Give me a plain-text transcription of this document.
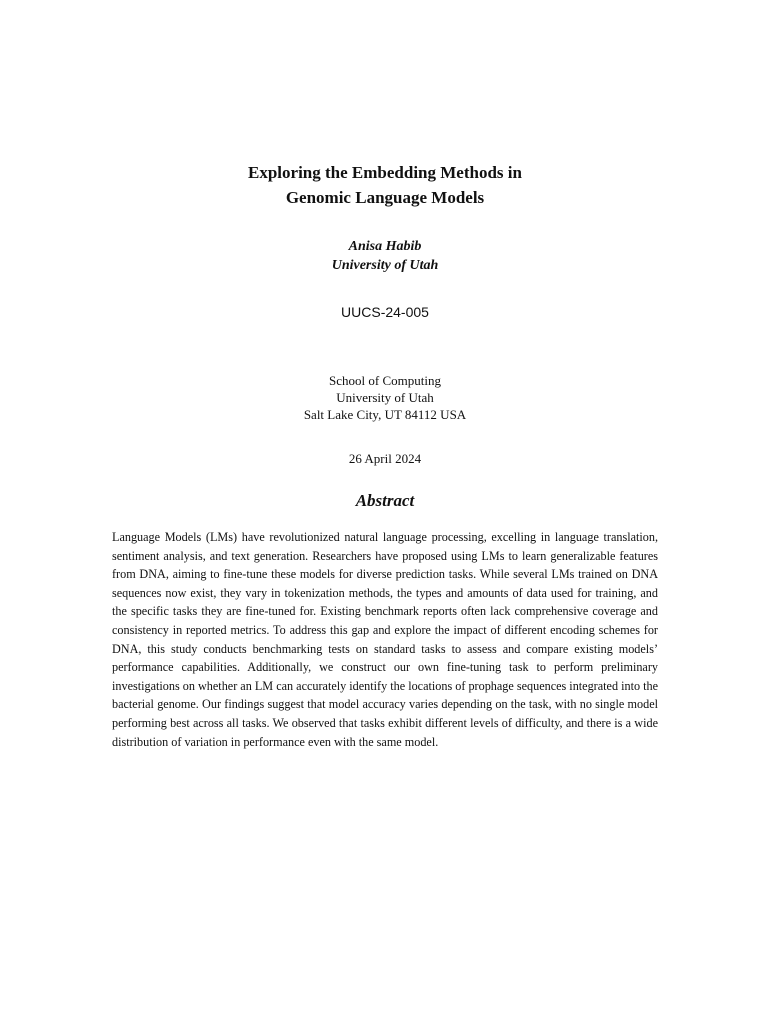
Exploring the Embedding Methods in
Genomic Language Models
Anisa Habib
University of Utah
UUCS-24-005
School of Computing
University of Utah
Salt Lake City, UT 84112 USA
26 April 2024
Abstract
Language Models (LMs) have revolutionized natural language processing, excelling in language translation, sentiment analysis, and text generation. Researchers have proposed using LMs to learn generalizable features from DNA, aiming to fine-tune these models for diverse prediction tasks. While several LMs trained on DNA sequences now exist, they vary in tokenization methods, the types and amounts of data used for training, and the specific tasks they are fine-tuned for. Existing benchmark reports often lack comprehensive coverage and consistency in reported metrics. To address this gap and explore the impact of different encoding schemes for DNA, this study conducts benchmarking tests on standard tasks to assess and compare existing models’ performance capabilities. Additionally, we construct our own fine-tuning task to perform preliminary investigations on whether an LM can accurately identify the locations of prophage sequences integrated into the bacterial genome. Our findings suggest that model accuracy varies depending on the task, with no single model performing best across all tasks. We observed that tasks exhibit different levels of difficulty, and there is a wide distribution of variation in performance even with the same model.
